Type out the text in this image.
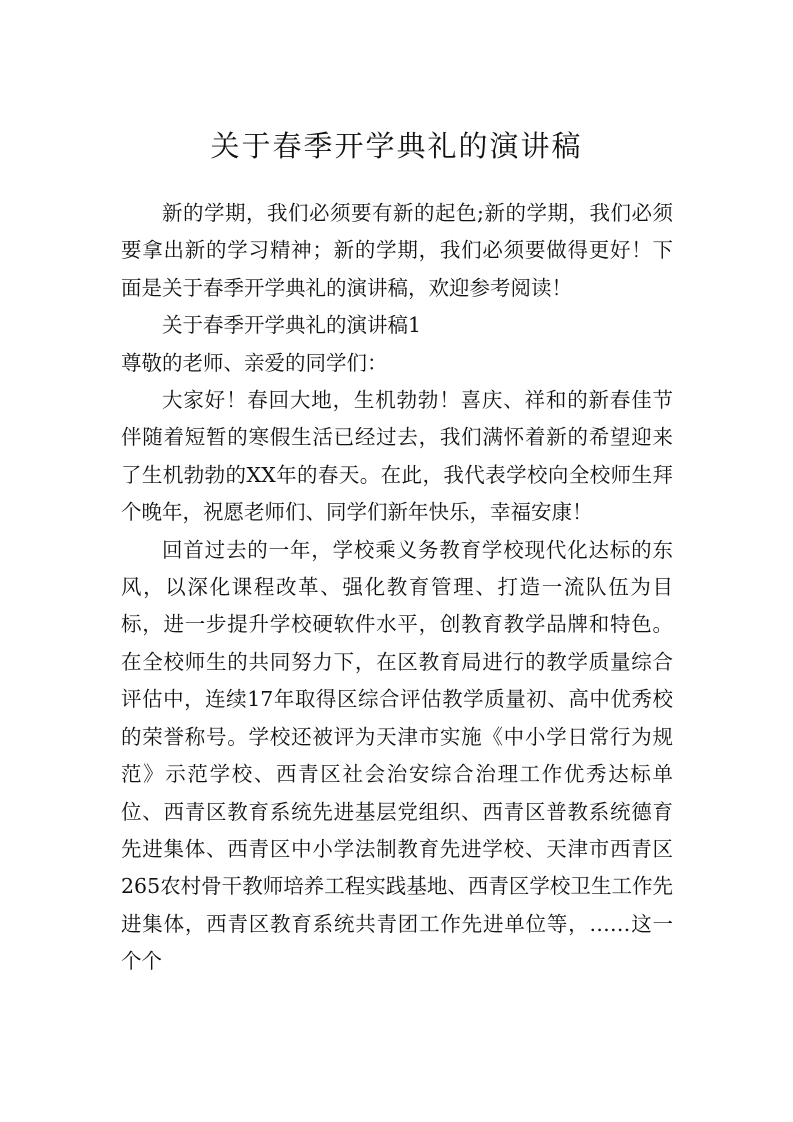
关于春季开学典礼的演讲稿

新的学期，我们必须要有新的起色;新的学期，我们必须要拿出新的学习精神；新的学期，我们必须要做得更好！下面是关于春季开学典礼的演讲稿，欢迎参考阅读！

关于春季开学典礼的演讲稿1

尊敬的老师、亲爱的同学们：

大家好！春回大地，生机勃勃！喜庆、祥和的新春佳节伴随着短暂的寒假生活已经过去，我们满怀着新的希望迎来了生机勃勃的XX年的春天。在此，我代表学校向全校师生拜个晚年，祝愿老师们、同学们新年快乐，幸福安康！

回首过去的一年，学校乘义务教育学校现代化达标的东风，以深化课程改革、强化教育管理、打造一流队伍为目标，进一步提升学校硬软件水平，创教育教学品牌和特色。在全校师生的共同努力下，在区教育局进行的教学质量综合评估中，连续17年取得区综合评估教学质量初、高中优秀校的荣誉称号。学校还被评为天津市实施《中小学日常行为规范》示范学校、西青区社会治安综合治理工作优秀达标单位、西青区教育系统先进基层党组织、西青区普教系统德育先进集体、西青区中小学法制教育先进学校、天津市西青区265农村骨干教师培养工程实践基地、西青区学校卫生工作先进集体，西青区教育系统共青团工作先进单位等，……这一个个
